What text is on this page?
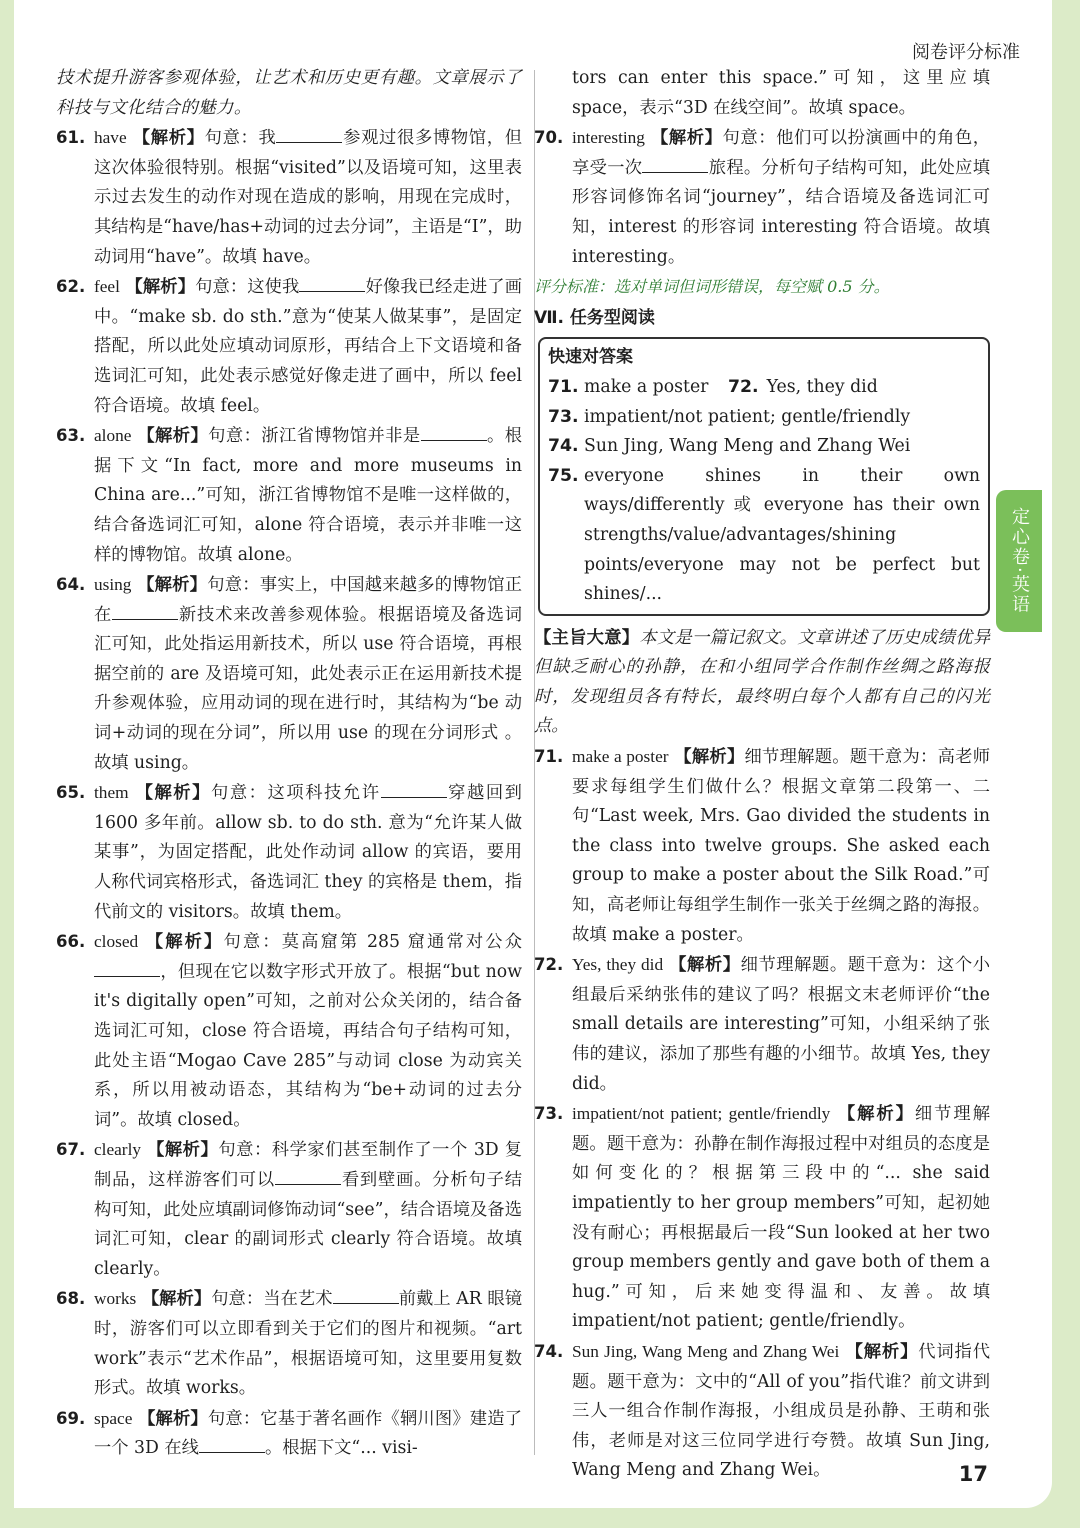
阅卷评分标准

技术提升游客参观体验，让艺术和历史更有趣。文章展示了科技与文化结合的魅力。

61. have 【解析】句意：我	参观过很多博物馆，但这次体验很特别。根据“visited”以及语境可知，这里表示过去发生的动作对现在造成的影响，用现在完成时，其结构是“have/has+动词的过去分词”，主语是“I”，助动词用“have”。故填 have。
62. feel 【解析】句意：这使我	好像我已经走进了画中。“make sb. do sth.”意为“使某人做某事”，是固定搭配，所以此处应填动词原形，再结合上下文语境和备选词汇可知，此处表示感觉好像走进了画中，所以 feel 符合语境。故填 feel。
63. alone 【解析】句意：浙江省博物馆并非是	。根据下文“In fact, more and more museums in China are...”可知，浙江省博物馆不是唯一这样做的，结合备选词汇可知，alone 符合语境，表示并非唯一这样的博物馆。故填 alone。
64. using 【解析】句意：事实上，中国越来越多的博物馆正在	新技术来改善参观体验。根据语境及备选词汇可知，此处指运用新技术，所以 use 符合语境，再根据空前的 are 及语境可知，此处表示正在运用新技术提升参观体验，应用动词的现在进行时，其结构为“be 动词+动词的现在分词”，所以用 use 的现在分词形式 。故填 using。
65. them 【解析】句意：这项科技允许	穿越回到 1600 多年前。allow sb. to do sth. 意为“允许某人做某事”，为固定搭配，此处作动词 allow 的宾语，要用人称代词宾格形式，备选词汇 they 的宾格是 them，指代前文的 visitors。故填 them。
66. closed 【解析】句意：莫高窟第 285 窟通常对公众，但现在它以数字形式开放了。根据“but now it's digitally open”可知，之前对公众关闭的，结合备选词汇可知，close 符合语境，再结合句子结构可知，此处主语“Mogao Cave 285”与动词 close 为动宾关系，所以用被动语态，其结构为“be+动词的过去分词”。故填 closed。
67. clearly 【解析】句意：科学家们甚至制作了一个 3D 复制品，这样游客们可以	看到壁画。分析句子结构可知，此处应填副词修饰动词“see”，结合语境及备选词汇可知，clear 的副词形式 clearly 符合语境。故填 clearly。
68. works 【解析】句意：当在艺术	前戴上 AR 眼镜时，游客们可以立即看到关于它们的图片和视频。“art work”表示“艺术作品”，根据语境可知，这里要用复数形式。故填 works。
69. space 【解析】句意：它基于著名画作《辋川图》建造了一个 3D 在线	。根据下文“... visi-

tors can enter this space.”可知，这里应填 space，表示“3D 在线空间”。故填 space。

70. interesting 【解析】句意：他们可以扮演画中的角色，享受一次	旅程。分析句子结构可知，此处应填形容词修饰名词“journey”，结合语境及备选词汇可知，interest 的形容词 interesting 符合语境。故填 interesting。

评分标准：选对单词但词形错误，每空赋 0.5 分。

Ⅶ. 任务型阅读
快速对答案
71. make a poster 72. Yes, they did
73. impatient/not patient; gentle/friendly
74. Sun Jing, Wang Meng and Zhang Wei
75. everyone shines in their own ways/differently 或 everyone has their own strengths/value/advantages/shining points/everyone may not be perfect but shines/...

【主旨大意】本文是一篇记叙文。文章讲述了历史成绩优异但缺乏耐心的孙静，在和小组同学合作制作丝绸之路海报时，发现组员各有特长，最终明白每个人都有自己的闪光点。

71. make a poster 【解析】细节理解题。题干意为：高老师要求每组学生们做什么？根据文章第二段第一、二句“Last week, Mrs. Gao divided the students in the class into twelve groups. She asked each group to make a poster about the Silk Road.”可知，高老师让每组学生制作一张关于丝绸之路的海报。故填 make a poster。
72. Yes, they did 【解析】细节理解题。题干意为：这个小组最后采纳张伟的建议了吗？根据文末老师评价“the small details are interesting”可知，小组采纳了张伟的建议，添加了那些有趣的小细节。故填 Yes, they did。
73. impatient/not patient; gentle/friendly 【解析】细节理解题。题干意为：孙静在制作海报过程中对组员的态度是如何变化的？根据第三段中的“... she said impatiently to her group members”可知，起初她没有耐心；再根据最后一段“Sun looked at her two group members gently and gave both of them a hug.”可知，后来她变得温和、友善。故填 impatient/not patient; gentle/friendly。
74. Sun Jing, Wang Meng and Zhang Wei 【解析】代词指代题。题干意为：文中的“All of you”指代谁？前文讲到三人一组合作制作海报，小组成员是孙静、王萌和张伟，老师是对这三位同学进行夸赞。故填 Sun Jing, Wang Meng and Zhang Wei。
定心卷·英语
17
